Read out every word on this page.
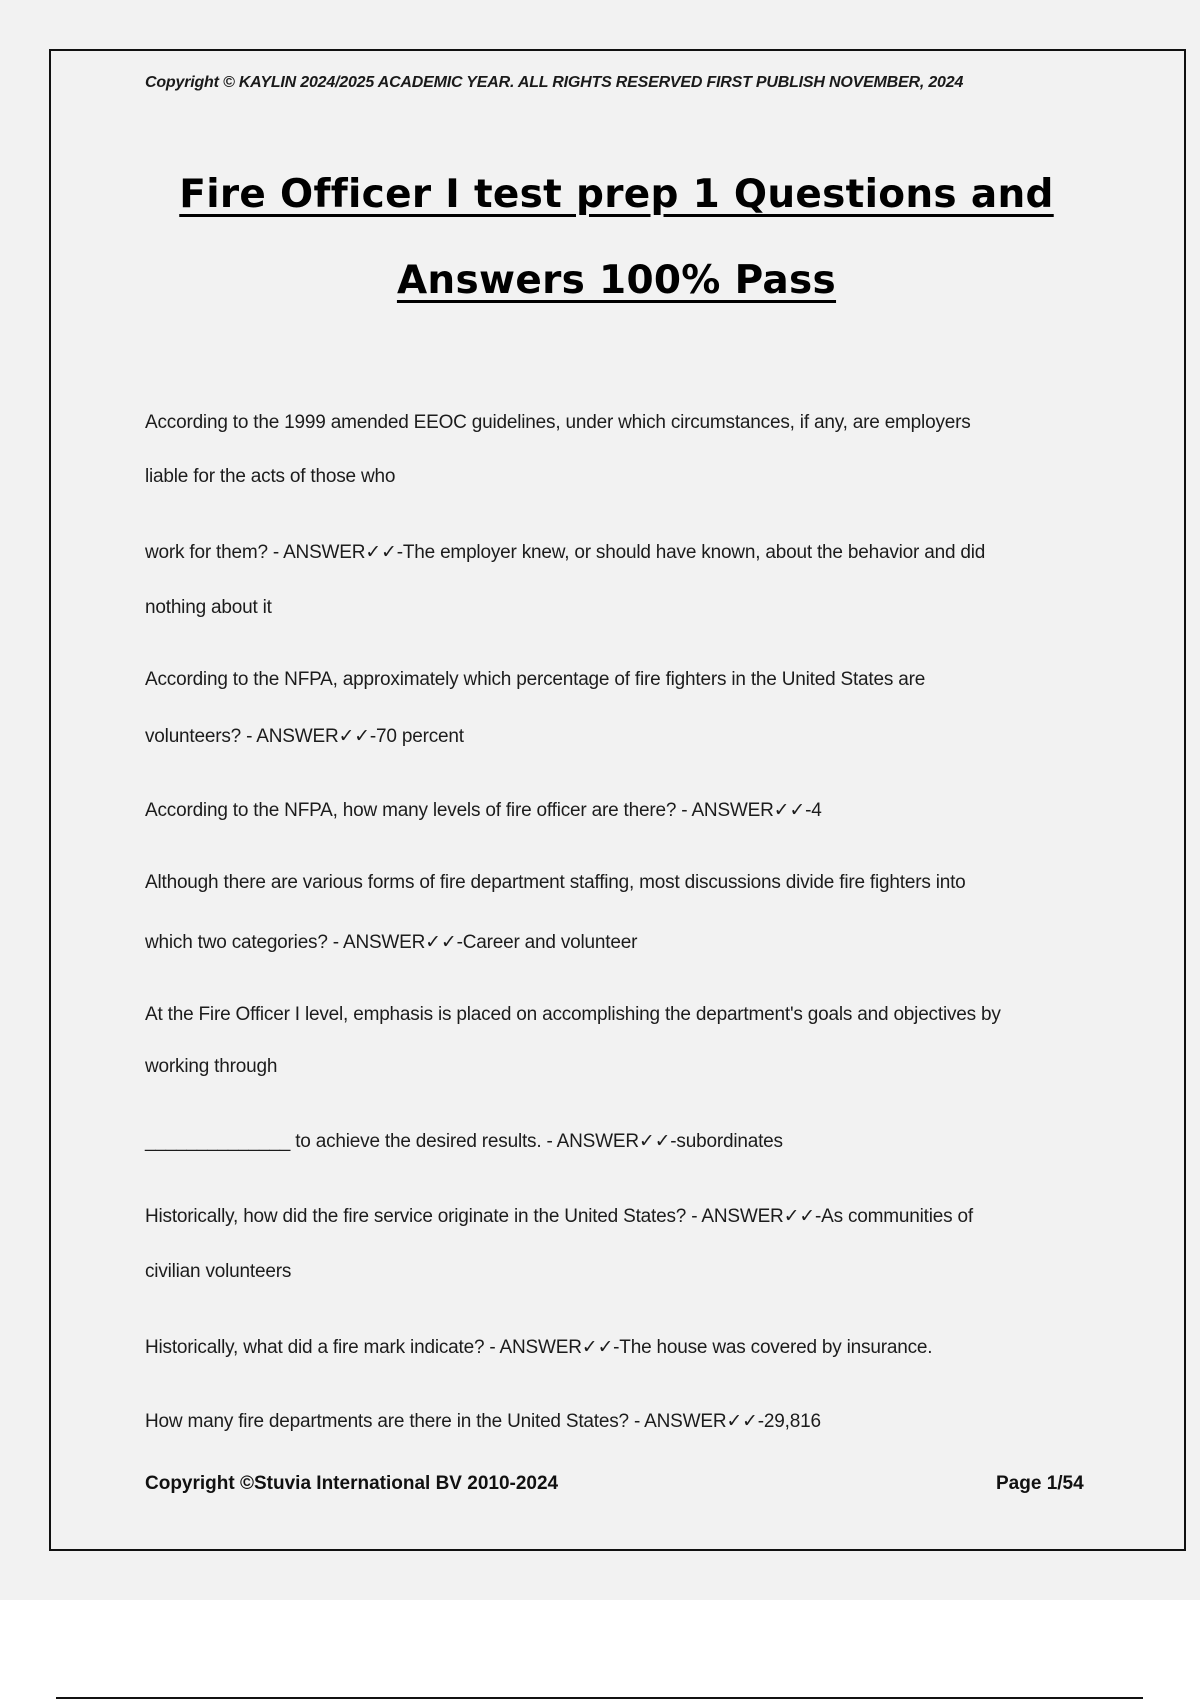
Copyright © KAYLIN 2024/2025 ACADEMIC YEAR. ALL RIGHTS RESERVED FIRST PUBLISH NOVEMBER, 2024
Fire Officer I test prep 1 Questions and
Answers 100% Pass
According to the 1999 amended EEOC guidelines, under which circumstances, if any, are employers
liable for the acts of those who
work for them? - ANSWER✓✓-The employer knew, or should have known, about the behavior and did
nothing about it
According to the NFPA, approximately which percentage of fire fighters in the United States are
volunteers? - ANSWER✓✓-70 percent
According to the NFPA, how many levels of fire officer are there? - ANSWER✓✓-4
Although there are various forms of fire department staffing, most discussions divide fire fighters into
which two categories? - ANSWER✓✓-Career and volunteer
At the Fire Officer I level, emphasis is placed on accomplishing the department's goals and objectives by
working through
______________ to achieve the desired results. - ANSWER✓✓-subordinates
Historically, how did the fire service originate in the United States? - ANSWER✓✓-As communities of
civilian volunteers
Historically, what did a fire mark indicate? - ANSWER✓✓-The house was covered by insurance.
How many fire departments are there in the United States? - ANSWER✓✓-29,816
Copyright ©Stuvia International BV 2010-2024	Page 1/54
